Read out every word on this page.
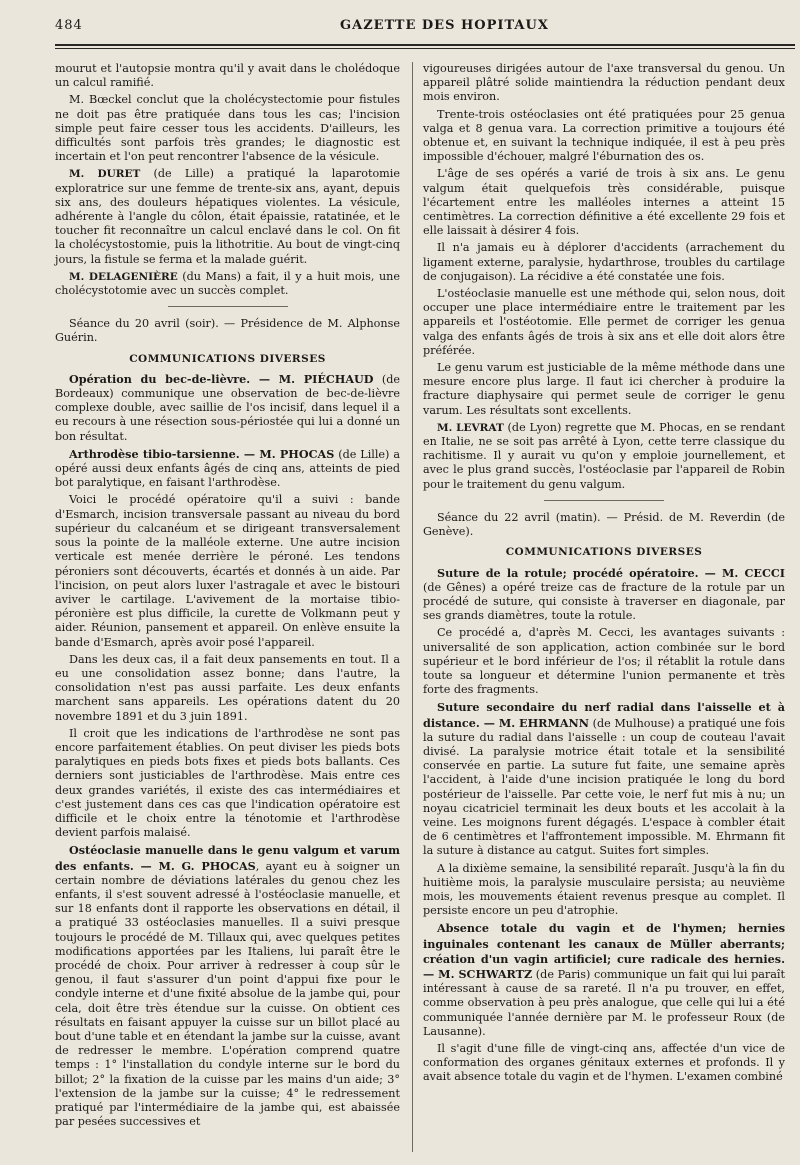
484	GAZETTE DES HOPITAUX

mourut et l'autopsie montra qu'il y avait dans le cholédoque un calcul ramifié.

M. Bœckel conclut que la cholécystectomie pour fistules ne doit pas être pratiquée dans tous les cas; l'incision simple peut faire cesser tous les accidents. D'ailleurs, les difficultés sont parfois très grandes; le diagnostic est incertain et l'on peut rencontrer l'absence de la vésicule.

M. DURET (de Lille) a pratiqué la laparotomie exploratrice sur une femme de trente-six ans, ayant, depuis six ans, des douleurs hépatiques violentes. La vésicule, adhérente à l'angle du côlon, était épaissie, ratatinée, et le toucher fit reconnaître un calcul enclavé dans le col. On fit la cholécystostomie, puis la lithotritie. Au bout de vingt-cinq jours, la fistule se ferma et la malade guérit.

M. DELAGENIÈRE (du Mans) a fait, il y a huit mois, une cholécystotomie avec un succès complet.

Séance du 20 avril (soir). — Présidence de M. Alphonse Guérin.

COMMUNICATIONS DIVERSES

Opération du bec-de-lièvre. — M. PIÉCHAUD (de Bordeaux) communique une observation de bec-de-lièvre complexe double, avec saillie de l'os incisif, dans lequel il a eu recours à une résection sous-périostée qui lui a donné un bon résultat.

Arthrodèse tibio-tarsienne. — M. PHOCAS (de Lille) a opéré aussi deux enfants âgés de cinq ans, atteints de pied bot paralytique, en faisant l'arthrodèse.

Voici le procédé opératoire qu'il a suivi : bande d'Esmarch, incision transversale passant au niveau du bord supérieur du calcanéum et se dirigeant transversalement sous la pointe de la malléole externe. Une autre incision verticale est menée derrière le péroné. Les tendons péroniers sont découverts, écartés et donnés à un aide. Par l'incision, on peut alors luxer l'astragale et avec le bistouri aviver le cartilage. L'avivement de la mortaise tibio-péronière est plus difficile, la curette de Volkmann peut y aider. Réunion, pansement et appareil. On enlève ensuite la bande d'Esmarch, après avoir posé l'appareil.

Dans les deux cas, il a fait deux pansements en tout. Il a eu une consolidation assez bonne; dans l'autre, la consolidation n'est pas aussi parfaite. Les deux enfants marchent sans appareils. Les opérations datent du 20 novembre 1891 et du 3 juin 1891.

Il croit que les indications de l'arthrodèse ne sont pas encore parfaitement établies. On peut diviser les pieds bots paralytiques en pieds bots fixes et pieds bots ballants. Ces derniers sont justiciables de l'arthrodèse. Mais entre ces deux grandes variétés, il existe des cas intermédiaires et c'est justement dans ces cas que l'indication opératoire est difficile et le choix entre la ténotomie et l'arthrodèse devient parfois malaisé.

Ostéoclasie manuelle dans le genu valgum et varum des enfants. — M. G. PHOCAS, ayant eu à soigner un certain nombre de déviations latérales du genou chez les enfants, il s'est souvent adressé à l'ostéoclasie manuelle, et sur 18 enfants dont il rapporte les observations en détail, il a pratiqué 33 ostéoclasies manuelles. Il a suivi presque toujours le procédé de M. Tillaux qui, avec quelques petites modifications apportées par les Italiens, lui paraît être le procédé de choix. Pour arriver à redresser à coup sûr le genou, il faut s'assurer d'un point d'appui fixe pour le condyle interne et d'une fixité absolue de la jambe qui, pour cela, doit être très étendue sur la cuisse. On obtient ces résultats en faisant appuyer la cuisse sur un billot placé au bout d'une table et en étendant la jambe sur la cuisse, avant de redresser le membre. L'opération comprend quatre temps : 1° l'installation du condyle interne sur le bord du billot; 2° la fixation de la cuisse par les mains d'un aide; 3° l'extension de la jambe sur la cuisse; 4° le redressement pratiqué par l'intermédiaire de la jambe qui, est abaissée par pesées successives et

vigoureuses dirigées autour de l'axe transversal du genou. Un appareil plâtré solide maintiendra la réduction pendant deux mois environ.

Trente-trois ostéoclasies ont été pratiquées pour 25 genua valga et 8 genua vara. La correction primitive a toujours été obtenue et, en suivant la technique indiquée, il est à peu près impossible d'échouer, malgré l'éburnation des os.

L'âge de ses opérés a varié de trois à six ans. Le genu valgum était quelquefois très considérable, puisque l'écartement entre les malléoles internes a atteint 15 centimètres. La correction définitive a été excellente 29 fois et elle laissait à désirer 4 fois.

Il n'a jamais eu à déplorer d'accidents (arrachement du ligament externe, paralysie, hydarthrose, troubles du cartilage de conjugaison). La récidive a été constatée une fois.

L'ostéoclasie manuelle est une méthode qui, selon nous, doit occuper une place intermédiaire entre le traitement par les appareils et l'ostéotomie. Elle permet de corriger les genua valga des enfants âgés de trois à six ans et elle doit alors être préférée.

Le genu varum est justiciable de la même méthode dans une mesure encore plus large. Il faut ici chercher à produire la fracture diaphysaire qui permet seule de corriger le genu varum. Les résultats sont excellents.

M. LEVRAT (de Lyon) regrette que M. Phocas, en se rendant en Italie, ne se soit pas arrêté à Lyon, cette terre classique du rachitisme. Il y aurait vu qu'on y emploie journellement, et avec le plus grand succès, l'ostéoclasie par l'appareil de Robin pour le traitement du genu valgum.

Séance du 22 avril (matin). — Présid. de M. Reverdin (de Genève).

COMMUNICATIONS DIVERSES

Suture de la rotule; procédé opératoire. — M. CECCI (de Gênes) a opéré treize cas de fracture de la rotule par un procédé de suture, qui consiste à traverser en diagonale, par ses grands diamètres, toute la rotule.

Ce procédé a, d'après M. Cecci, les avantages suivants : universalité de son application, action combinée sur le bord supérieur et le bord inférieur de l'os; il rétablit la rotule dans toute sa longueur et détermine l'union permanente et très forte des fragments.

Suture secondaire du nerf radial dans l'aisselle et à distance. — M. EHRMANN (de Mulhouse) a pratiqué une fois la suture du radial dans l'aisselle : un coup de couteau l'avait divisé. La paralysie motrice était totale et la sensibilité conservée en partie. La suture fut faite, une semaine après l'accident, à l'aide d'une incision pratiquée le long du bord postérieur de l'aisselle. Par cette voie, le nerf fut mis à nu; un noyau cicatriciel terminait les deux bouts et les accolait à la veine. Les moignons furent dégagés. L'espace à combler était de 6 centimètres et l'affrontement impossible. M. Ehrmann fit la suture à distance au catgut. Suites fort simples.

A la dixième semaine, la sensibilité reparaît. Jusqu'à la fin du huitième mois, la paralysie musculaire persista; au neuvième mois, les mouvements étaient revenus presque au complet. Il persiste encore un peu d'atrophie.

Absence totale du vagin et de l'hymen; hernies inguinales contenant les canaux de Müller aberrants; création d'un vagin artificiel; cure radicale des hernies. — M. SCHWARTZ (de Paris) communique un fait qui lui paraît intéressant à cause de sa rareté. Il n'a pu trouver, en effet, comme observation à peu près analogue, que celle qui lui a été communiquée l'année dernière par M. le professeur Roux (de Lausanne).

Il s'agit d'une fille de vingt-cinq ans, affectée d'un vice de conformation des organes génitaux externes et profonds. Il y avait absence totale du vagin et de l'hymen. L'examen combiné
